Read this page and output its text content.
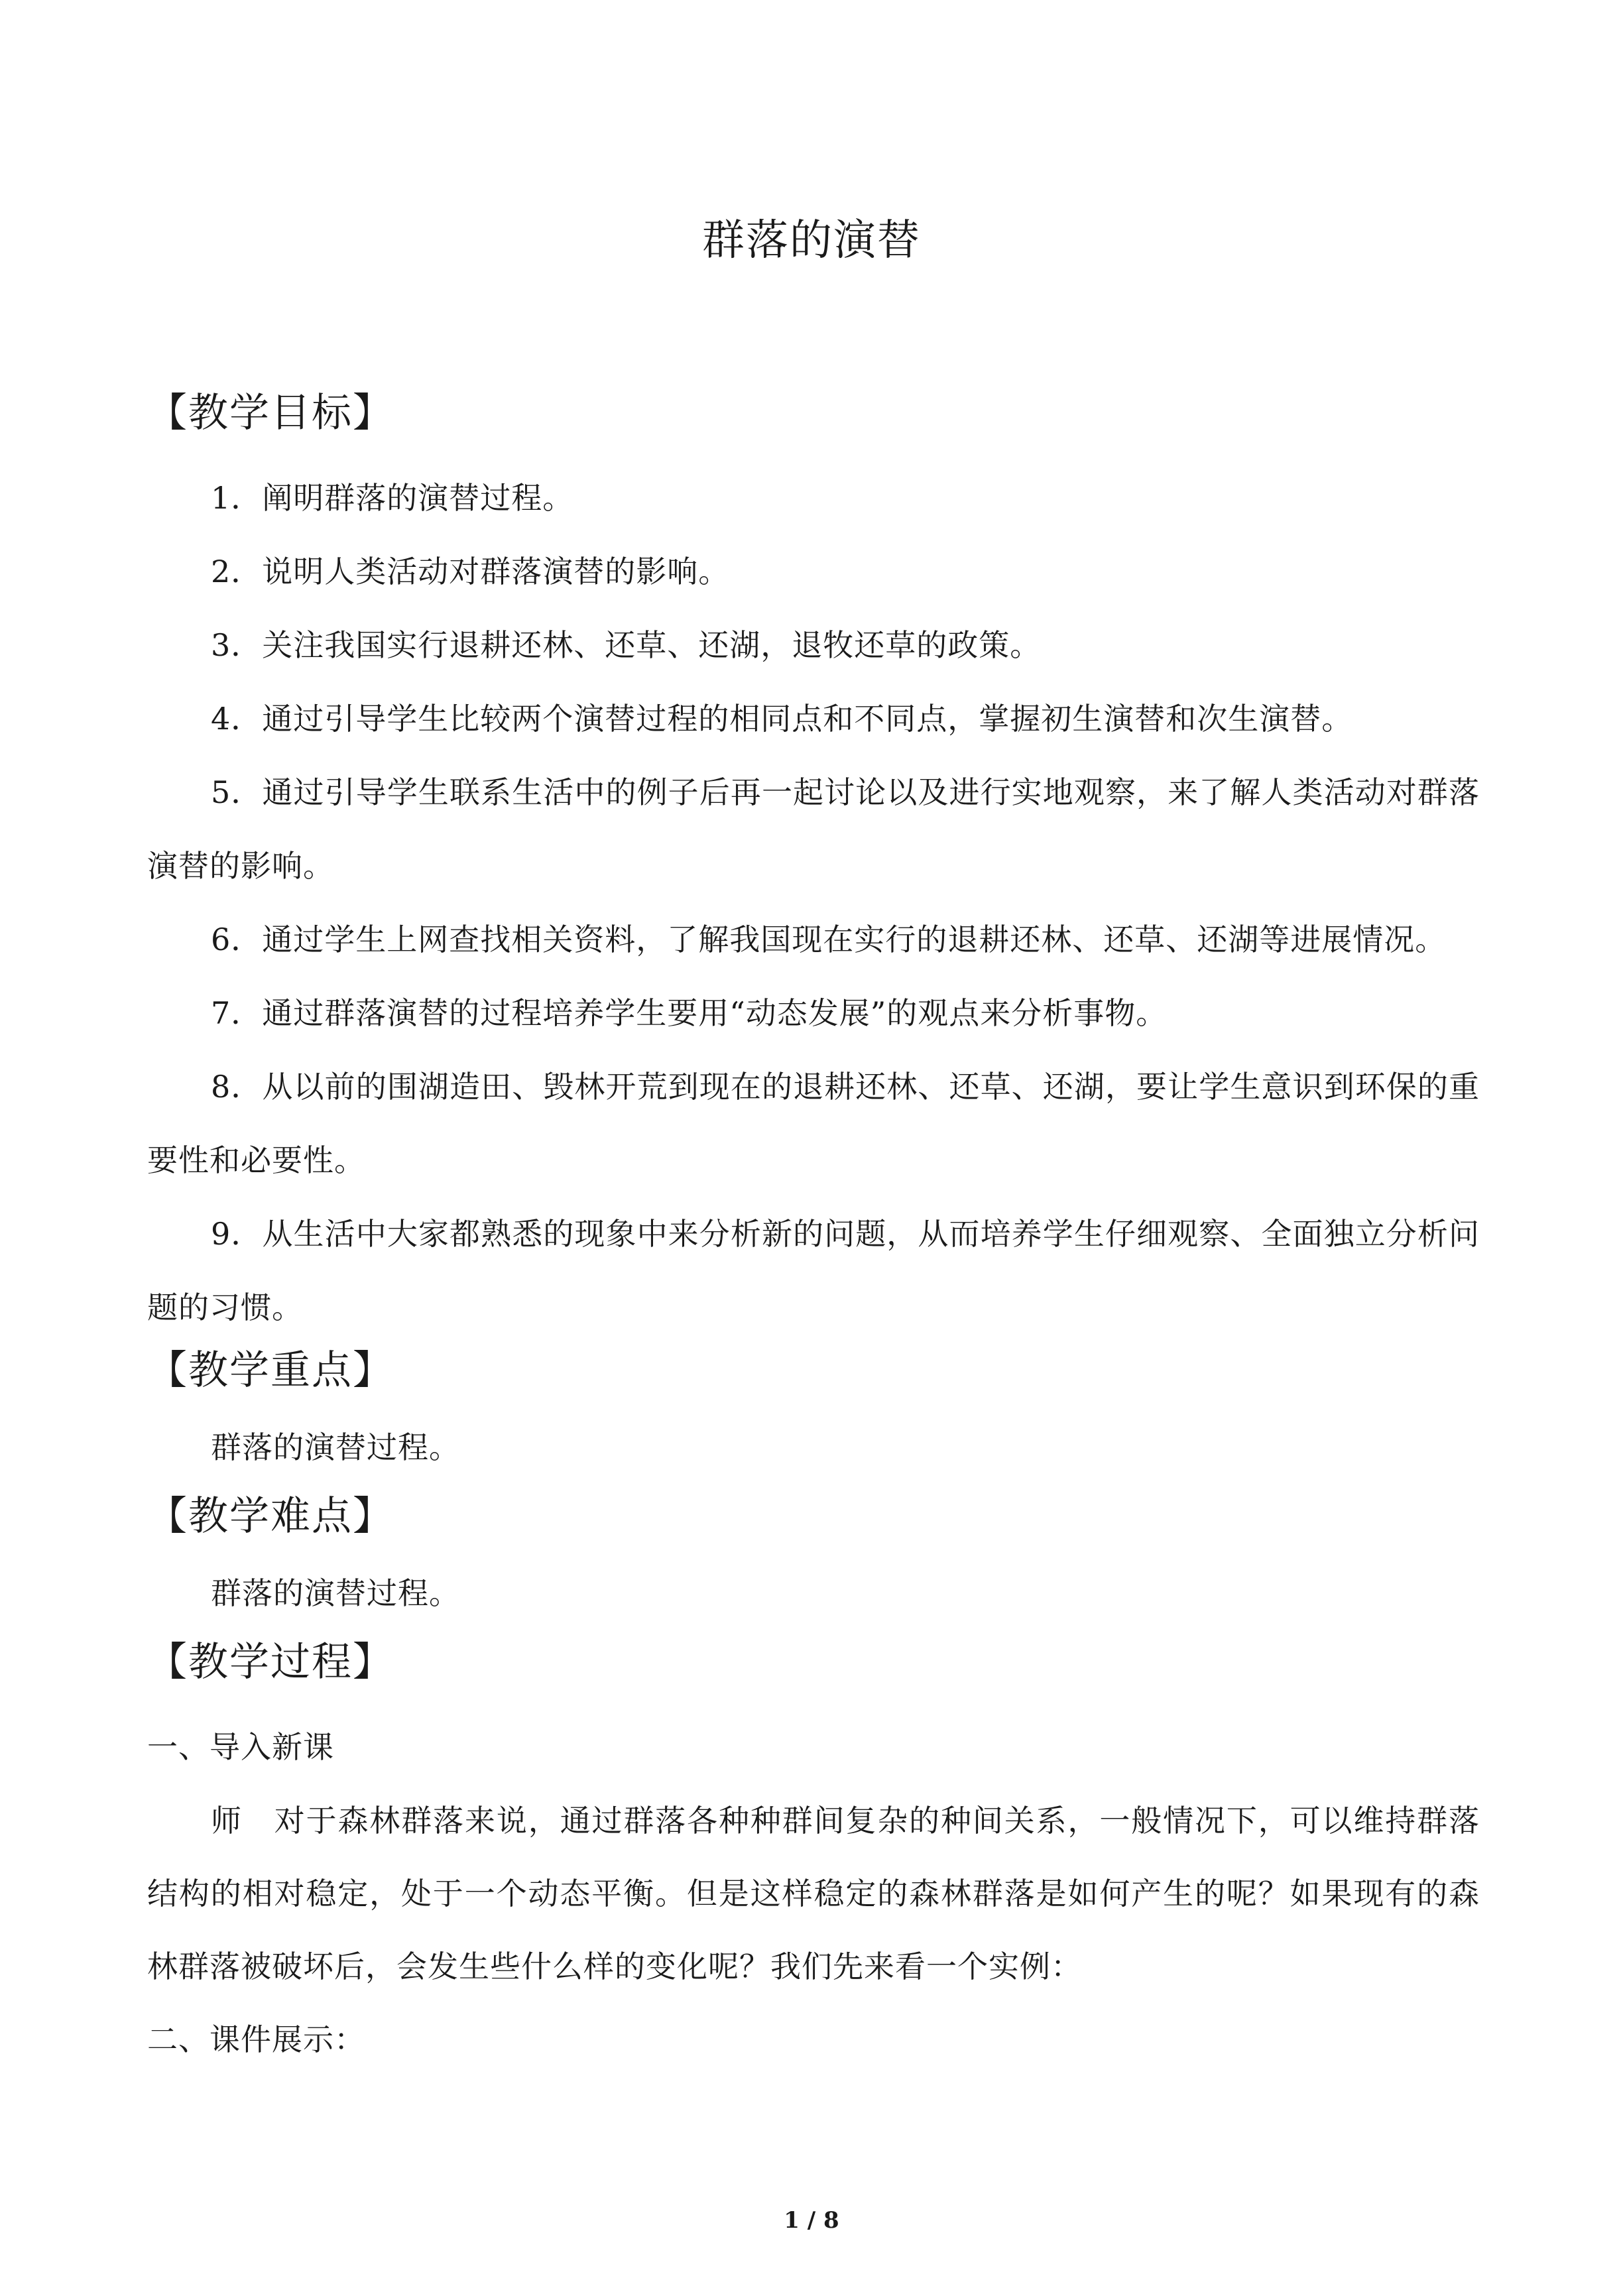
群落的演替
【教学目标】
1．阐明群落的演替过程。
2．说明人类活动对群落演替的影响。
3．关注我国实行退耕还林、还草、还湖，退牧还草的政策。
4．通过引导学生比较两个演替过程的相同点和不同点，掌握初生演替和次生演替。
5．通过引导学生联系生活中的例子后再一起讨论以及进行实地观察，来了解人类活动对群落演替的影响。
6．通过学生上网查找相关资料，了解我国现在实行的退耕还林、还草、还湖等进展情况。
7．通过群落演替的过程培养学生要用“动态发展”的观点来分析事物。
8．从以前的围湖造田、毁林开荒到现在的退耕还林、还草、还湖，要让学生意识到环保的重要性和必要性。
9．从生活中大家都熟悉的现象中来分析新的问题，从而培养学生仔细观察、全面独立分析问题的习惯。
【教学重点】
群落的演替过程。
【教学难点】
群落的演替过程。
【教学过程】
一、导入新课
师　对于森林群落来说，通过群落各种种群间复杂的种间关系，一般情况下，可以维持群落结构的相对稳定，处于一个动态平衡。但是这样稳定的森林群落是如何产生的呢？如果现有的森林群落被破坏后，会发生些什么样的变化呢？我们先来看一个实例：
二、课件展示：
1 / 8
